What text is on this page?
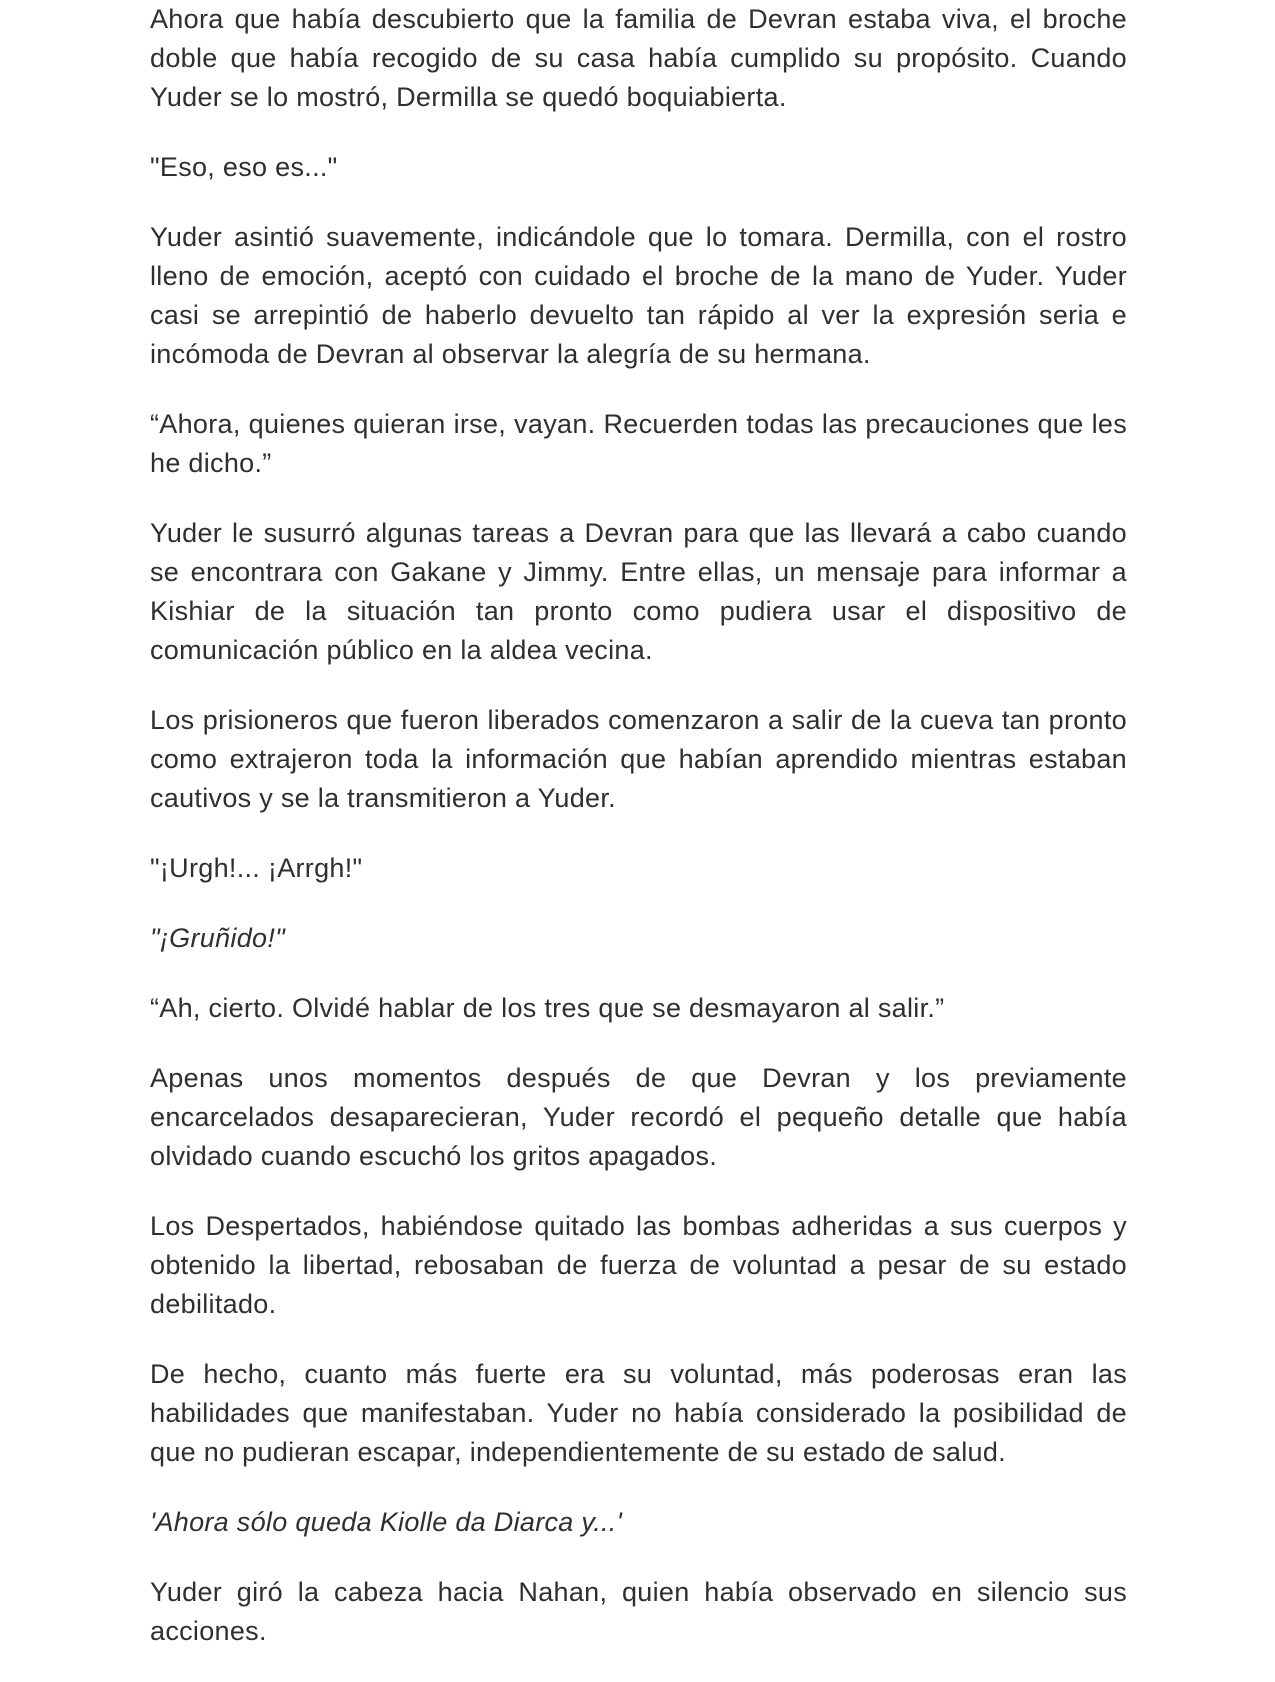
Ahora que había descubierto que la familia de Devran estaba viva, el broche doble que había recogido de su casa había cumplido su propósito. Cuando Yuder se lo mostró, Dermilla se quedó boquiabierta.

"Eso, eso es..."

Yuder asintió suavemente, indicándole que lo tomara. Dermilla, con el rostro lleno de emoción, aceptó con cuidado el broche de la mano de Yuder. Yuder casi se arrepintió de haberlo devuelto tan rápido al ver la expresión seria e incómoda de Devran al observar la alegría de su hermana.

“Ahora, quienes quieran irse, vayan. Recuerden todas las precauciones que les he dicho.”

Yuder le susurró algunas tareas a Devran para que las llevará a cabo cuando se encontrara con Gakane y Jimmy. Entre ellas, un mensaje para informar a Kishiar de la situación tan pronto como pudiera usar el dispositivo de comunicación público en la aldea vecina.

Los prisioneros que fueron liberados comenzaron a salir de la cueva tan pronto como extrajeron toda la información que habían aprendido mientras estaban cautivos y se la transmitieron a Yuder.

"¡Urgh!... ¡Arrgh!"

"¡Gruñido!"

“Ah, cierto. Olvidé hablar de los tres que se desmayaron al salir.”

Apenas unos momentos después de que Devran y los previamente encarcelados desaparecieran, Yuder recordó el pequeño detalle que había olvidado cuando escuchó los gritos apagados.

Los Despertados, habiéndose quitado las bombas adheridas a sus cuerpos y obtenido la libertad, rebosaban de fuerza de voluntad a pesar de su estado debilitado.

De hecho, cuanto más fuerte era su voluntad, más poderosas eran las habilidades que manifestaban. Yuder no había considerado la posibilidad de que no pudieran escapar, independientemente de su estado de salud.

'Ahora sólo queda Kiolle da Diarca y...'

Yuder giró la cabeza hacia Nahan, quien había observado en silencio sus acciones.
